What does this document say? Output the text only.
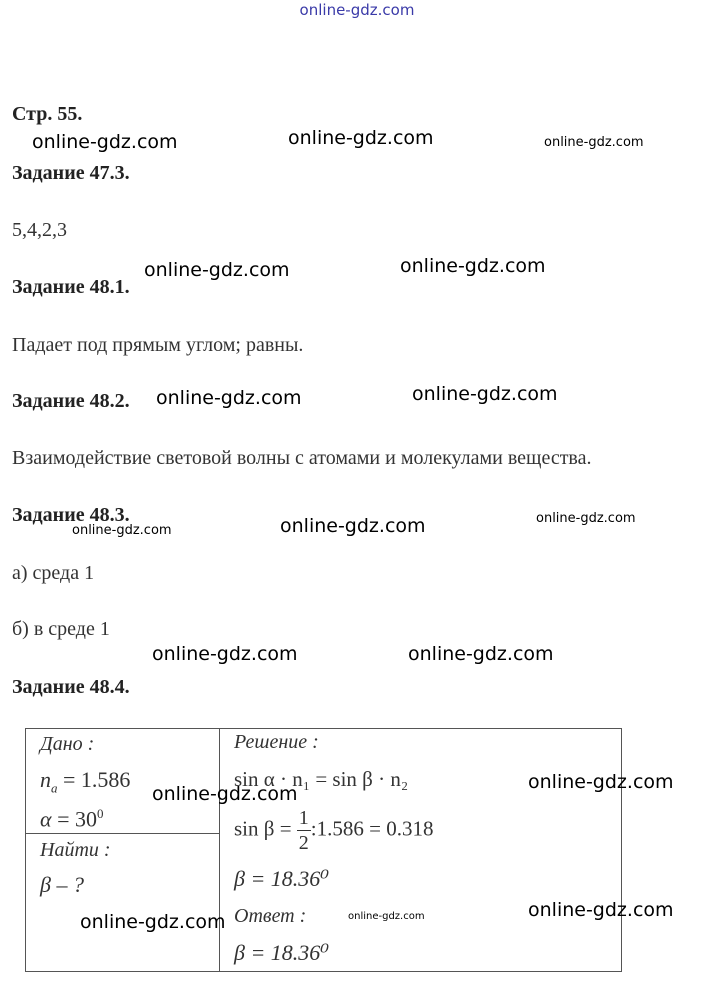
online-gdz.com
Стр. 55.
Задание 47.3.
5,4,2,3
Задание 48.1.
Падает под прямым углом; равны.
Задание 48.2.
Взаимодействие световой волны с атомами и молекулами вещества.
Задание 48.3.
а) среда 1
б) в среде 1
Задание 48.4.
Дано :
$n_a = 1.586$
$\alpha = 30^0$
Найти :
β – ?
Решение :
sin α · n₁ = sin β · n₂
$\sin \beta = \frac{1}{2}$ :1.586 = 0.318
β = 18.36⁰
Ответ :
β = 18.36⁰
online-gdz.com	online-gdz.com	online-gdz.com
online-gdz.com	online-gdz.com
online-gdz.com	online-gdz.com
online-gdz.com	online-gdz.com	online-gdz.com
online-gdz.com	online-gdz.com
online-gdz.com
online-gdz.com
online-gdz.com	online-gdz.com	online-gdz.com
